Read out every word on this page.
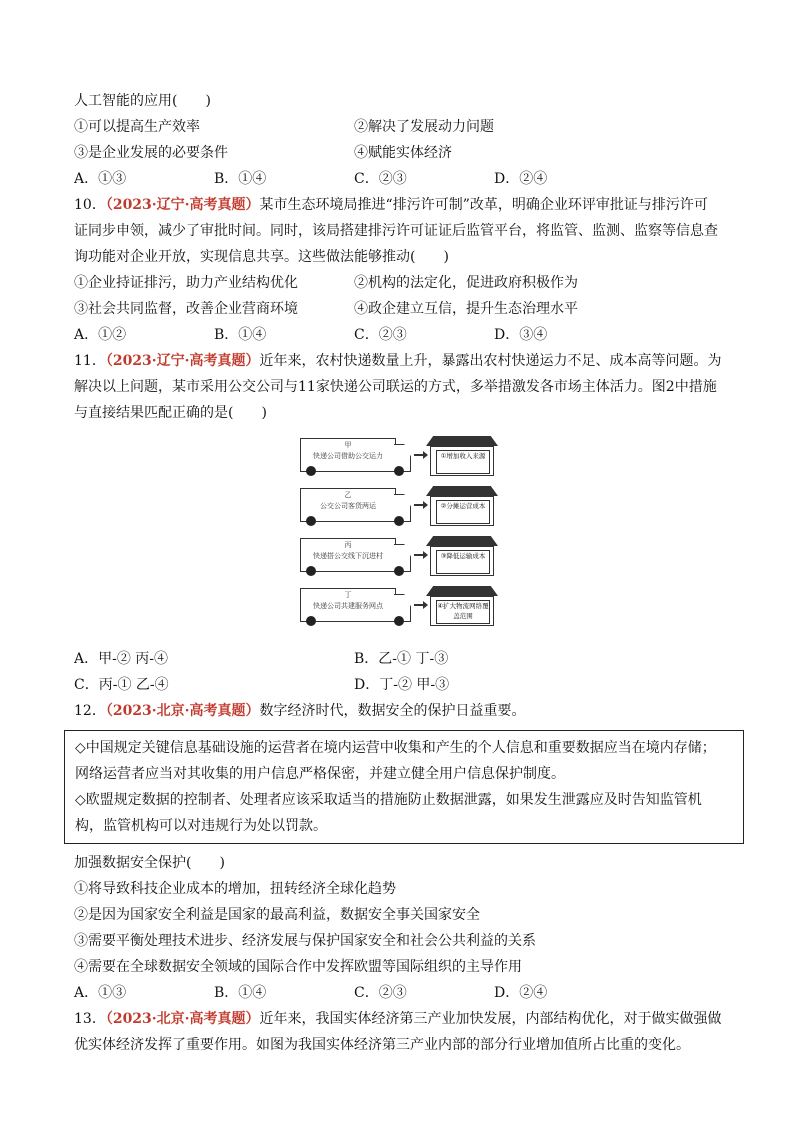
人工智能的应用(　　)
①可以提高生产效率	②解决了发展动力问题
③是企业发展的必要条件	④赋能实体经济
A．①③	B．①④	C．②③	D．②④
10．（2023·辽宁·高考真题）某市生态环境局推进“排污许可制”改革，明确企业环评审批证与排污许可
证同步申领，减少了审批时间。同时，该局搭建排污许可证证后监管平台，将监管、监测、监察等信息查
询功能对企业开放，实现信息共享。这些做法能够推动(　　)
①企业持证排污，助力产业结构优化	②机构的法定化，促进政府积极作为
③社会共同监督，改善企业营商环境	④政企建立互信，提升生态治理水平
A．①②	B．①④	C．②③	D．③④
11．（2023·辽宁·高考真题）近年来，农村快递数量上升，暴露出农村快递运力不足、成本高等问题。为
解决以上问题，某市采用公交公司与11家快递公司联运的方式，多举措激发各市场主体活力。图2中措施
与直接结果匹配正确的是(　　)
甲
快递公司借助公交运力	①增加收入来源
乙
公交公司客货两运	②分摊运营成本
丙
快递搭公交线下沉进村	③降低运输成本
丁
快递公司共建服务网点	④扩大物流网络覆盖范围
A．甲-② 丙-④	B．乙-① 丁-③
C．丙-① 乙-④	D．丁-② 甲-③
12．（2023·北京·高考真题）数字经济时代，数据安全的保护日益重要。
◇中国规定关键信息基础设施的运营者在境内运营中收集和产生的个人信息和重要数据应当在境内存储；
网络运营者应当对其收集的用户信息严格保密，并建立健全用户信息保护制度。
◇欧盟规定数据的控制者、处理者应该采取适当的措施防止数据泄露，如果发生泄露应及时告知监管机
构，监管机构可以对违规行为处以罚款。
加强数据安全保护(　　)
①将导致科技企业成本的增加，扭转经济全球化趋势
②是因为国家安全利益是国家的最高利益，数据安全事关国家安全
③需要平衡处理技术进步、经济发展与保护国家安全和社会公共利益的关系
④需要在全球数据安全领域的国际合作中发挥欧盟等国际组织的主导作用
A．①③	B．①④	C．②③	D．②④
13．（2023·北京·高考真题）近年来，我国实体经济第三产业加快发展，内部结构优化，对于做实做强做
优实体经济发挥了重要作用。如图为我国实体经济第三产业内部的部分行业增加值所占比重的变化。
